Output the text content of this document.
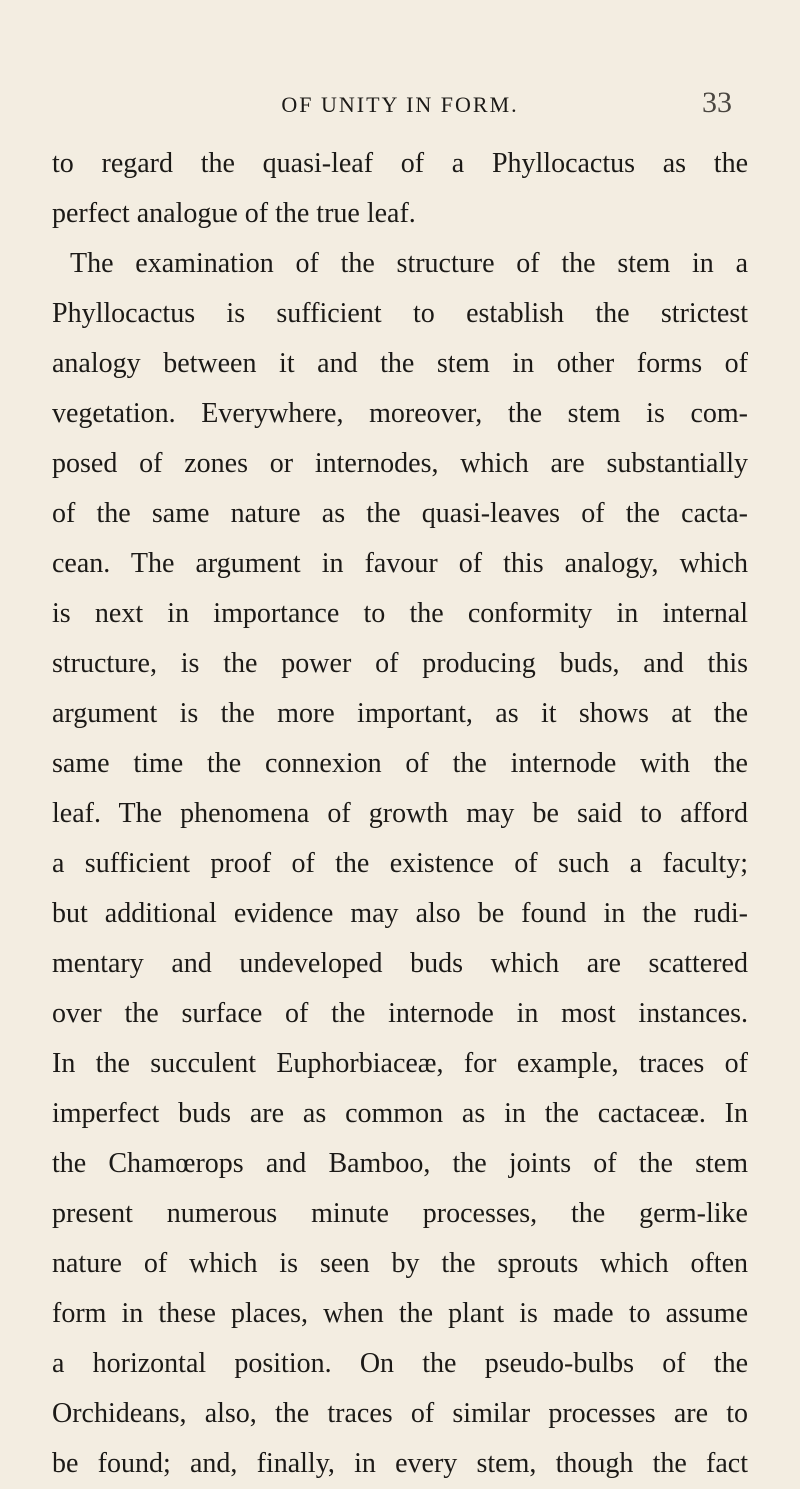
OF UNITY IN FORM.	33
to regard the quasi-leaf of a Phyllocactus as the
perfect analogue of the true leaf.
The examination of the structure of the stem in a
Phyllocactus is sufficient to establish the strictest
analogy between it and the stem in other forms of
vegetation. Everywhere, moreover, the stem is com-
posed of zones or internodes, which are substantially
of the same nature as the quasi-leaves of the cacta-
cean. The argument in favour of this analogy, which
is next in importance to the conformity in internal
structure, is the power of producing buds, and this
argument is the more important, as it shows at the
same time the connexion of the internode with the
leaf. The phenomena of growth may be said to afford
a sufficient proof of the existence of such a faculty;
but additional evidence may also be found in the rudi-
mentary and undeveloped buds which are scattered
over the surface of the internode in most instances.
In the succulent Euphorbiaceæ, for example, traces of
imperfect buds are as common as in the cactaceæ. In
the Chamœrops and Bamboo, the joints of the stem
present numerous minute processes, the germ-like
nature of which is seen by the sprouts which often
form in these places, when the plant is made to assume
a horizontal position. On the pseudo-bulbs of the
Orchideans, also, the traces of similar processes are to
be found; and, finally, in every stem, though the fact
